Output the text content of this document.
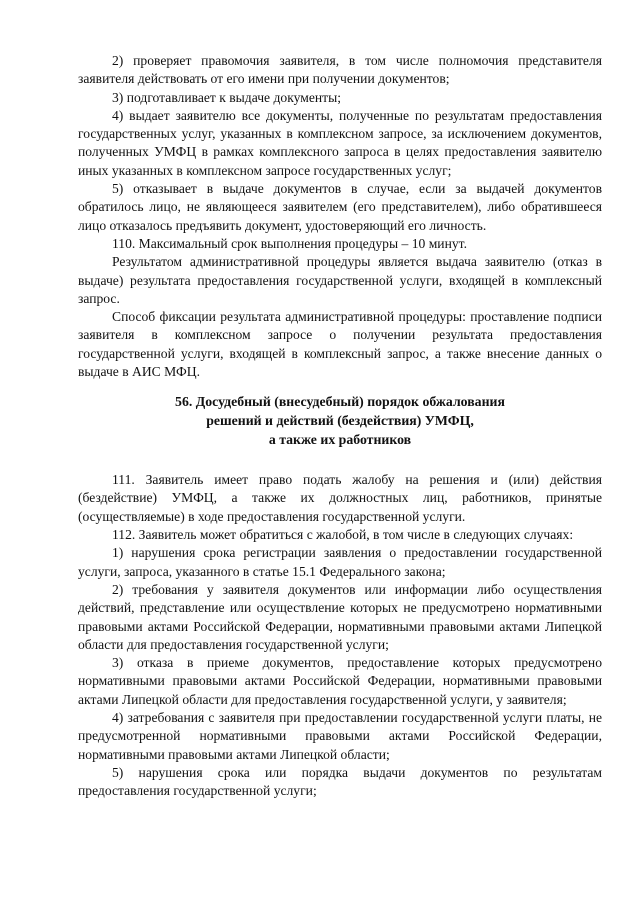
2) проверяет правомочия заявителя, в том числе полномочия представителя заявителя действовать от его имени при получении документов;

3) подготавливает к выдаче документы;

4) выдает заявителю все документы, полученные по результатам предоставления государственных услуг, указанных в комплексном запросе, за исключением документов, полученных УМФЦ в рамках комплексного запроса в целях предоставления заявителю иных указанных в комплексном запросе государственных услуг;

5) отказывает в выдаче документов в случае, если за выдачей документов обратилось лицо, не являющееся заявителем (его представителем), либо обратившееся лицо отказалось предъявить документ, удостоверяющий его личность.

110. Максимальный срок выполнения процедуры – 10 минут.

Результатом административной процедуры является выдача заявителю (отказ в выдаче) результата предоставления государственной услуги, входящей в комплексный запрос.

Способ фиксации результата административной процедуры: проставление подписи заявителя в комплексном запросе о получении результата предоставления государственной услуги, входящей в комплексный запрос, а также внесение данных о выдаче в АИС МФЦ.

56. Досудебный (внесудебный) порядок обжалования
решений и действий (бездействия) УМФЦ,
а также их работников

111. Заявитель имеет право подать жалобу на решения и (или) действия (бездействие) УМФЦ, а также их должностных лиц, работников, принятые (осуществляемые) в ходе предоставления государственной услуги.

112. Заявитель может обратиться с жалобой, в том числе в следующих случаях:

1) нарушения срока регистрации заявления о предоставлении государственной услуги, запроса, указанного в статье 15.1 Федерального закона;

2) требования у заявителя документов или информации либо осуществления действий, представление или осуществление которых не предусмотрено нормативными правовыми актами Российской Федерации, нормативными правовыми актами Липецкой области для предоставления государственной услуги;

3) отказа в приеме документов, предоставление которых предусмотрено нормативными правовыми актами Российской Федерации, нормативными правовыми актами Липецкой области для предоставления государственной услуги, у заявителя;

4) затребования с заявителя при предоставлении государственной услуги платы, не предусмотренной нормативными правовыми актами Российской Федерации, нормативными правовыми актами Липецкой области;

5) нарушения срока или порядка выдачи документов по результатам предоставления государственной услуги;
